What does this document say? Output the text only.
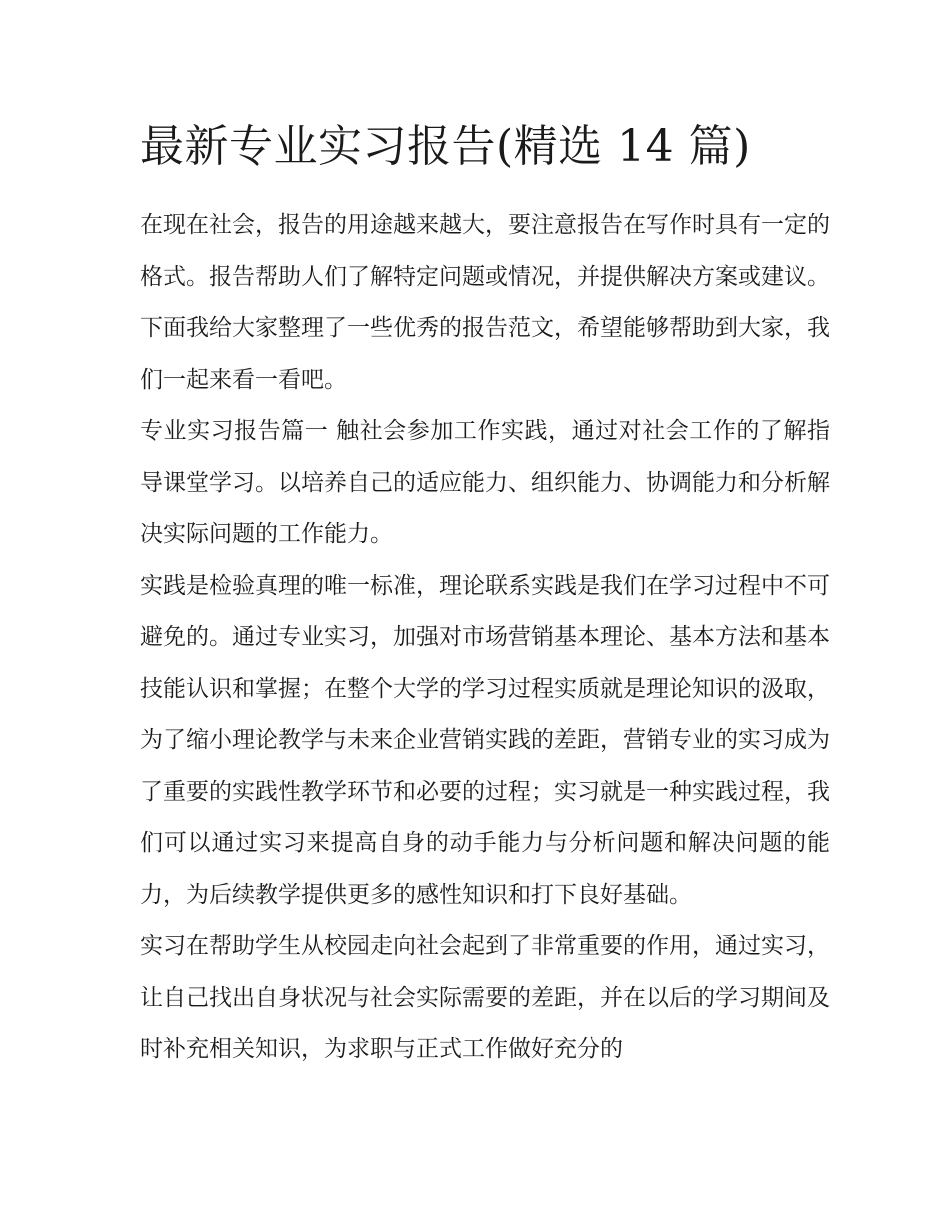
最新专业实习报告(精选 14 篇)

在现在社会，报告的用途越来越大，要注意报告在写作时具有一定的格式。报告帮助人们了解特定问题或情况，并提供解决方案或建议。下面我给大家整理了一些优秀的报告范文，希望能够帮助到大家，我们一起来看一看吧。

专业实习报告篇一 触社会参加工作实践，通过对社会工作的了解指导课堂学习。以培养自己的适应能力、组织能力、协调能力和分析解决实际问题的工作能力。

实践是检验真理的唯一标准，理论联系实践是我们在学习过程中不可避免的。通过专业实习，加强对市场营销基本理论、基本方法和基本技能认识和掌握；在整个大学的学习过程实质就是理论知识的汲取，为了缩小理论教学与未来企业营销实践的差距，营销专业的实习成为了重要的实践性教学环节和必要的过程；实习就是一种实践过程，我们可以通过实习来提高自身的动手能力与分析问题和解决问题的能力，为后续教学提供更多的感性知识和打下良好基础。

实习在帮助学生从校园走向社会起到了非常重要的作用，通过实习，让自己找出自身状况与社会实际需要的差距，并在以后的学习期间及时补充相关知识，为求职与正式工作做好充分的
